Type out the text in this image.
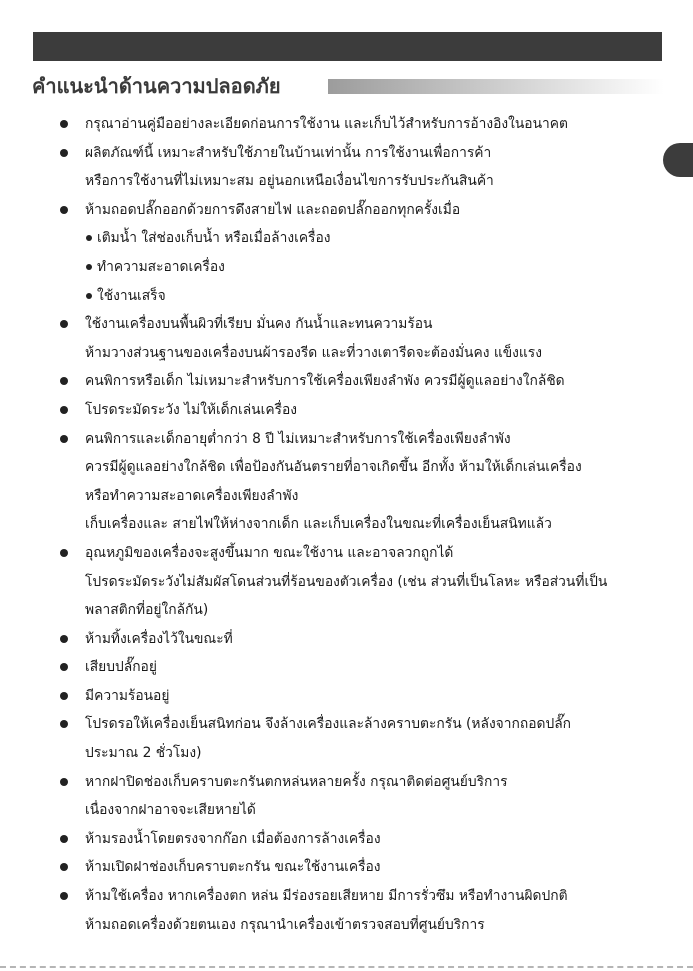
คำแนะนำด้านความปลอดภัย
กรุณาอ่านคู่มืออย่างละเอียดก่อนการใช้งาน และเก็บไว้สำหรับการอ้างอิงในอนาคต
ผลิตภัณฑ์นี้ เหมาะสำหรับใช้ภายในบ้านเท่านั้น การใช้งานเพื่อการค้า
หรือการใช้งานที่ไม่เหมาะสม อยู่นอกเหนือเงื่อนไขการรับประกันสินค้า
ห้ามถอดปลั๊กออกด้วยการดึงสายไฟ และถอดปลั๊กออกทุกครั้งเมื่อ
เติมน้ำ ใส่ช่องเก็บน้ำ หรือเมื่อล้างเครื่อง
ทำความสะอาดเครื่อง
ใช้งานเสร็จ
ใช้งานเครื่องบนพื้นผิวที่เรียบ มั่นคง กันน้ำและทนความร้อน
ห้ามวางส่วนฐานของเครื่องบนผ้ารองรีด และที่วางเตารีดจะต้องมั่นคง แข็งแรง
คนพิการหรือเด็ก ไม่เหมาะสำหรับการใช้เครื่องเพียงลำพัง ควรมีผู้ดูแลอย่างใกล้ชิด
โปรดระมัดระวัง ไม่ให้เด็กเล่นเครื่อง
คนพิการและเด็กอายุต่ำกว่า 8 ปี ไม่เหมาะสำหรับการใช้เครื่องเพียงลำพัง
ควรมีผู้ดูแลอย่างใกล้ชิด เพื่อป้องกันอันตรายที่อาจเกิดขึ้น อีกทั้ง ห้ามให้เด็กเล่นเครื่อง
หรือทำความสะอาดเครื่องเพียงลำพัง
เก็บเครื่องและ สายไฟให้ห่างจากเด็ก และเก็บเครื่องในขณะที่เครื่องเย็นสนิทแล้ว
อุณหภูมิของเครื่องจะสูงขึ้นมาก ขณะใช้งาน และอาจลวกถูกได้
โปรดระมัดระวังไม่สัมผัสโดนส่วนที่ร้อนของตัวเครื่อง (เช่น ส่วนที่เป็นโลหะ หรือส่วนที่เป็น
พลาสติกที่อยู่ใกล้กัน)
ห้ามทิ้งเครื่องไว้ในขณะที่
เสียบปลั๊กอยู่
มีความร้อนอยู่
โปรดรอให้เครื่องเย็นสนิทก่อน จึงล้างเครื่องและล้างคราบตะกรัน (หลังจากถอดปลั๊ก
ประมาณ 2 ชั่วโมง)
หากฝาปิดช่องเก็บคราบตะกรันตกหล่นหลายครั้ง กรุณาติดต่อศูนย์บริการ
เนื่องจากฝาอาจจะเสียหายได้
ห้ามรองน้ำโดยตรงจากก๊อก เมื่อต้องการล้างเครื่อง
ห้ามเปิดฝาช่องเก็บคราบตะกรัน ขณะใช้งานเครื่อง
ห้ามใช้เครื่อง หากเครื่องตก หล่น มีร่องรอยเสียหาย มีการรั่วซึม หรือทำงานผิดปกติ
ห้ามถอดเครื่องด้วยตนเอง กรุณานำเครื่องเข้าตรวจสอบที่ศูนย์บริการ
